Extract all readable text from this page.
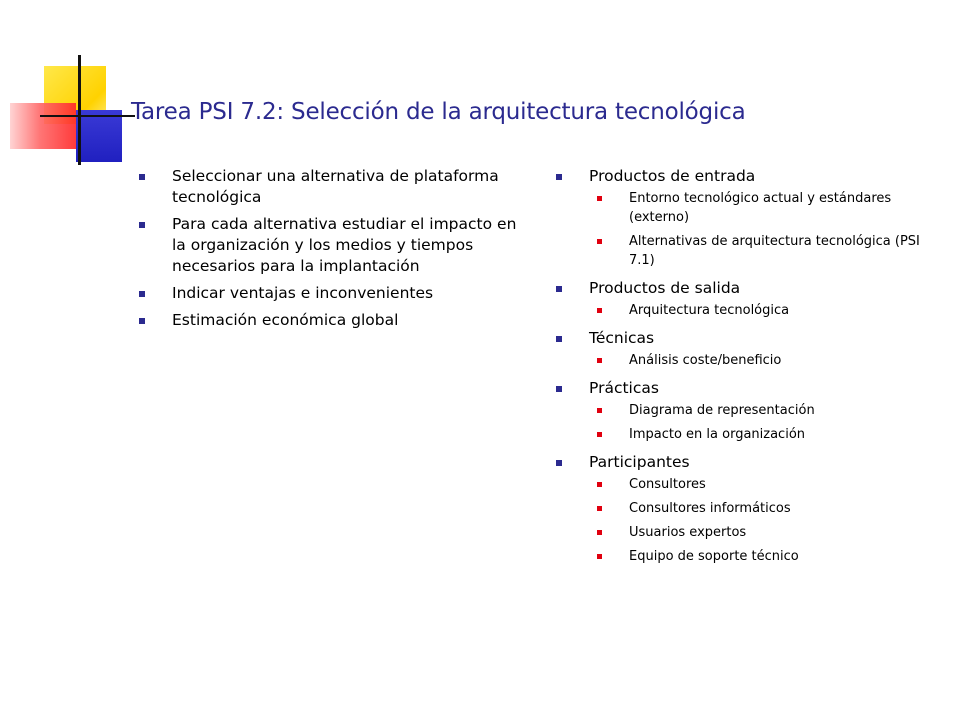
Tarea PSI 7.2: Selección de la arquitectura tecnológica
Seleccionar una alternativa de plataforma tecnológica
Para cada alternativa estudiar el impacto en la organización y los medios y tiempos necesarios para la implantación
Indicar ventajas e inconvenientes
Estimación económica global
Productos de entrada
Entorno tecnológico actual y estándares (externo)
Alternativas de arquitectura tecnológica (PSI 7.1)
Productos de salida
Arquitectura tecnológica
Técnicas
Análisis coste/beneficio
Prácticas
Diagrama de representación
Impacto en la organización
Participantes
Consultores
Consultores informáticos
Usuarios expertos
Equipo de soporte técnico
